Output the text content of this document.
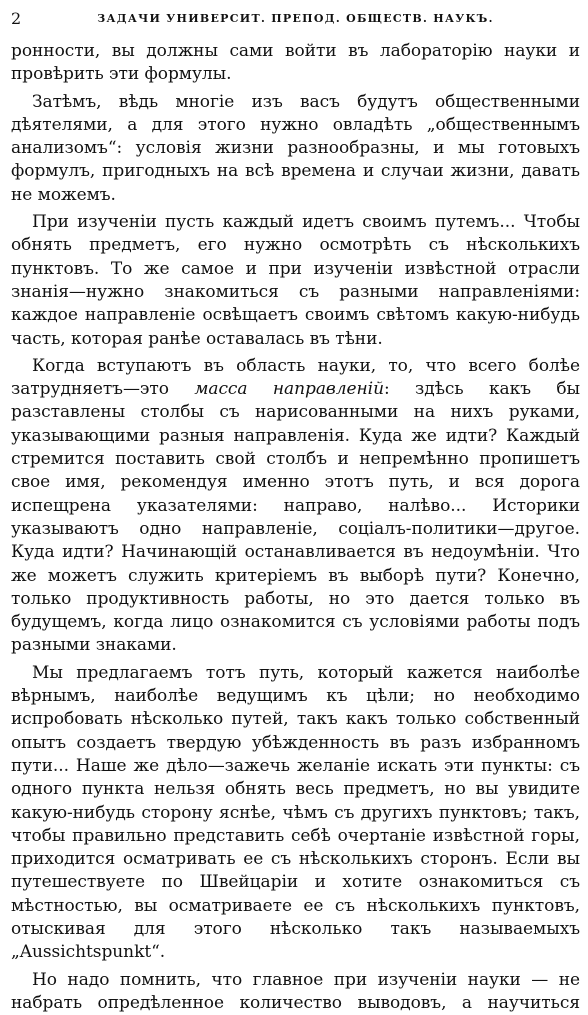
2	ЗАДАЧИ УНИВЕРСИТ. ПРЕПОД. ОБЩЕСТВ. НАУКЪ.

ронности, вы должны сами войти въ лабораторію науки и провѣрить эти формулы.

Затѣмъ, вѣдь многіе изъ васъ будутъ общественными дѣятелями, а для этого нужно овладѣть „общественнымъ анализомъ“: условія жизни разнообразны, и мы готовыхъ формулъ, пригодныхъ на всѣ времена и случаи жизни, давать не можемъ.

При изученіи пусть каждый идетъ своимъ путемъ... Чтобы обнять предметъ, его нужно осмотрѣть съ нѣсколькихъ пунктовъ. То же самое и при изученіи извѣстной отрасли знанія—нужно знакомиться съ разными направленіями: каждое направленіе освѣщаетъ своимъ свѣтомъ какую-нибудь часть, которая ранѣе оставалась въ тѣни.

Когда вступаютъ въ область науки, то, что всего болѣе затрудняетъ—это масса направленій: здѣсь какъ бы разставлены столбы съ нарисованными на нихъ руками, указывающими разныя направленія. Куда же идти? Каждый стремится поставить свой столбъ и непремѣнно пропишетъ свое имя, рекомендуя именно этотъ путь, и вся дорога испещрена указателями: направо, налѣво... Историки указываютъ одно направленіе, соціалъ-политики—другое. Куда идти? Начинающій останавливается въ недоумѣніи. Что же можетъ служить критеріемъ въ выборѣ пути? Конечно, только продуктивность работы, но это дается только въ будущемъ, когда лицо ознакомится съ условіями работы подъ разными знаками.

Мы предлагаемъ тотъ путь, который кажется наиболѣе вѣрнымъ, наиболѣе ведущимъ къ цѣли; но необходимо испробовать нѣсколько путей, такъ какъ только собственный опытъ создаетъ твердую убѣжденность въ разъ избранномъ пути... Наше же дѣло—зажечь желаніе искать эти пункты: съ одного пункта нельзя обнять весь предметъ, но вы увидите какую-нибудь сторону яснѣе, чѣмъ съ другихъ пунктовъ; такъ, чтобы правильно представить себѣ очертаніе извѣстной горы, приходится осматривать ее съ нѣсколькихъ сторонъ. Если вы путешествуете по Швейцаріи и хотите ознакомиться съ мѣстностью, вы осматриваете ее съ нѣсколькихъ пунктовъ, отыскивая для этого нѣсколько такъ называемыхъ „Aussichtspunkt“.

Но надо помнить, что главное при изученіи науки — не набрать опредѣленное количество выводовъ, а научиться
